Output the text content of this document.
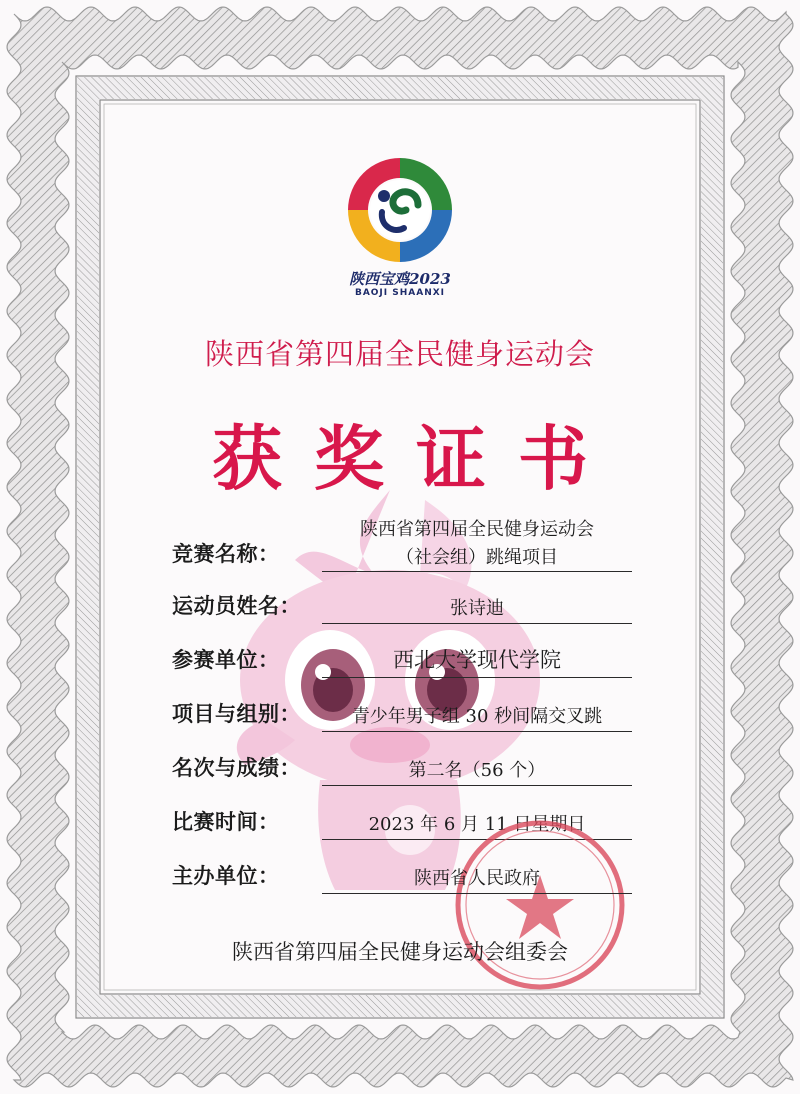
陕西宝鸡2023
BAOJI SHAANXI
陕西省第四届全民健身运动会
获奖证书
竞赛名称：
陕西省第四届全民健身运动会
（社会组）跳绳项目
运动员姓名：	张诗迪
参赛单位：	西北大学现代学院
项目与组别：	青少年男子组 30 秒间隔交叉跳
名次与成绩：	第二名（56 个）
比赛时间：	2023 年 6 月 11 日星期日
主办单位：	陕西省人民政府
陕西省第四届全民健身运动会组委会
